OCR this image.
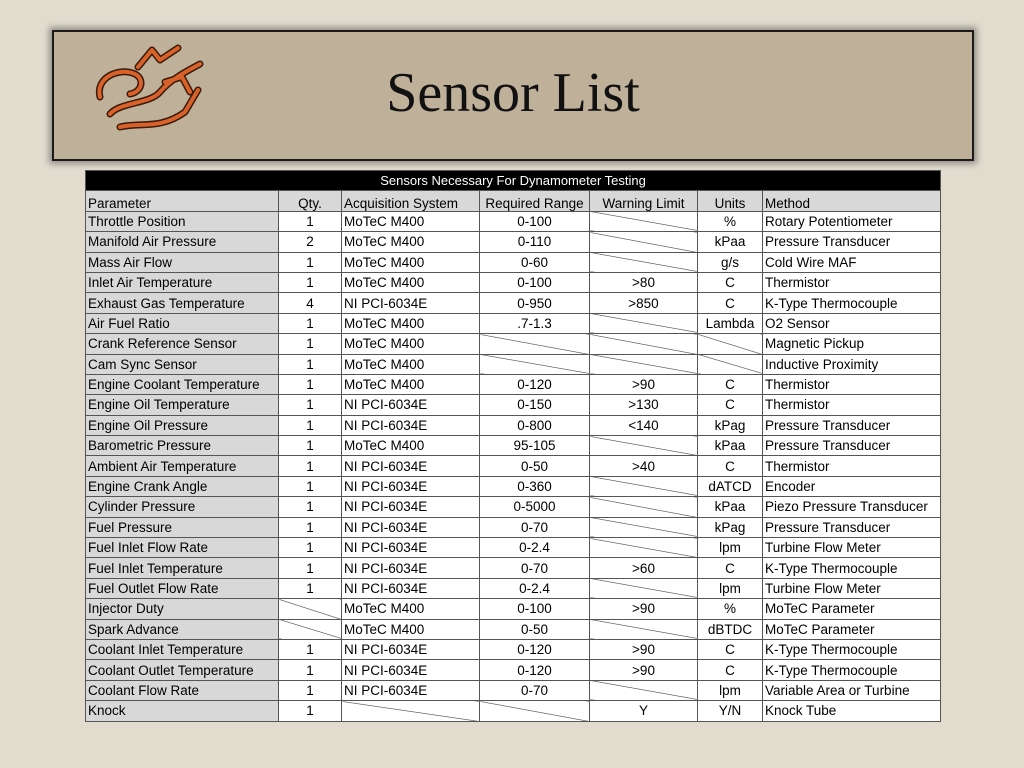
Sensor List
Sensors Necessary For Dynamometer Testing						
Parameter	Qty.	Acquisition System	Required Range	Warning Limit	Units	Method
Throttle Position	1	MoTeC M400	0-100		%	Rotary Potentiometer
Manifold Air Pressure	2	MoTeC M400	0-110		kPaa	Pressure Transducer
Mass Air Flow	1	MoTeC M400	0-60		g/s	Cold Wire MAF
Inlet Air Temperature	1	MoTeC M400	0-100	>80	C	Thermistor
Exhaust Gas Temperature	4	NI PCI-6034E	0-950	>850	C	K-Type Thermocouple
Air Fuel Ratio	1	MoTeC M400	.7-1.3		Lambda	O2 Sensor
Crank Reference Sensor	1	MoTeC M400				Magnetic Pickup
Cam Sync Sensor	1	MoTeC M400				Inductive Proximity
Engine Coolant Temperature	1	MoTeC M400	0-120	>90	C	Thermistor
Engine Oil Temperature	1	NI PCI-6034E	0-150	>130	C	Thermistor
Engine Oil Pressure	1	NI PCI-6034E	0-800	<140	kPag	Pressure Transducer
Barometric Pressure	1	MoTeC M400	95-105		kPaa	Pressure Transducer
Ambient Air Temperature	1	NI PCI-6034E	0-50	>40	C	Thermistor
Engine Crank Angle	1	NI PCI-6034E	0-360		dATCD	Encoder
Cylinder Pressure	1	NI PCI-6034E	0-5000		kPaa	Piezo Pressure Transducer
Fuel Pressure	1	NI PCI-6034E	0-70		kPag	Pressure Transducer
Fuel Inlet Flow Rate	1	NI PCI-6034E	0-2.4		lpm	Turbine Flow Meter
Fuel Inlet Temperature	1	NI PCI-6034E	0-70	>60	C	K-Type Thermocouple
Fuel Outlet Flow Rate	1	NI PCI-6034E	0-2.4		lpm	Turbine Flow Meter
Injector Duty		MoTeC M400	0-100	>90	%	MoTeC Parameter
Spark Advance		MoTeC M400	0-50		dBTDC	MoTeC Parameter
Coolant Inlet Temperature	1	NI PCI-6034E	0-120	>90	C	K-Type Thermocouple
Coolant Outlet Temperature	1	NI PCI-6034E	0-120	>90	C	K-Type Thermocouple
Coolant Flow Rate	1	NI PCI-6034E	0-70		lpm	Variable Area or Turbine
Knock	1			Y	Y/N	Knock Tube
